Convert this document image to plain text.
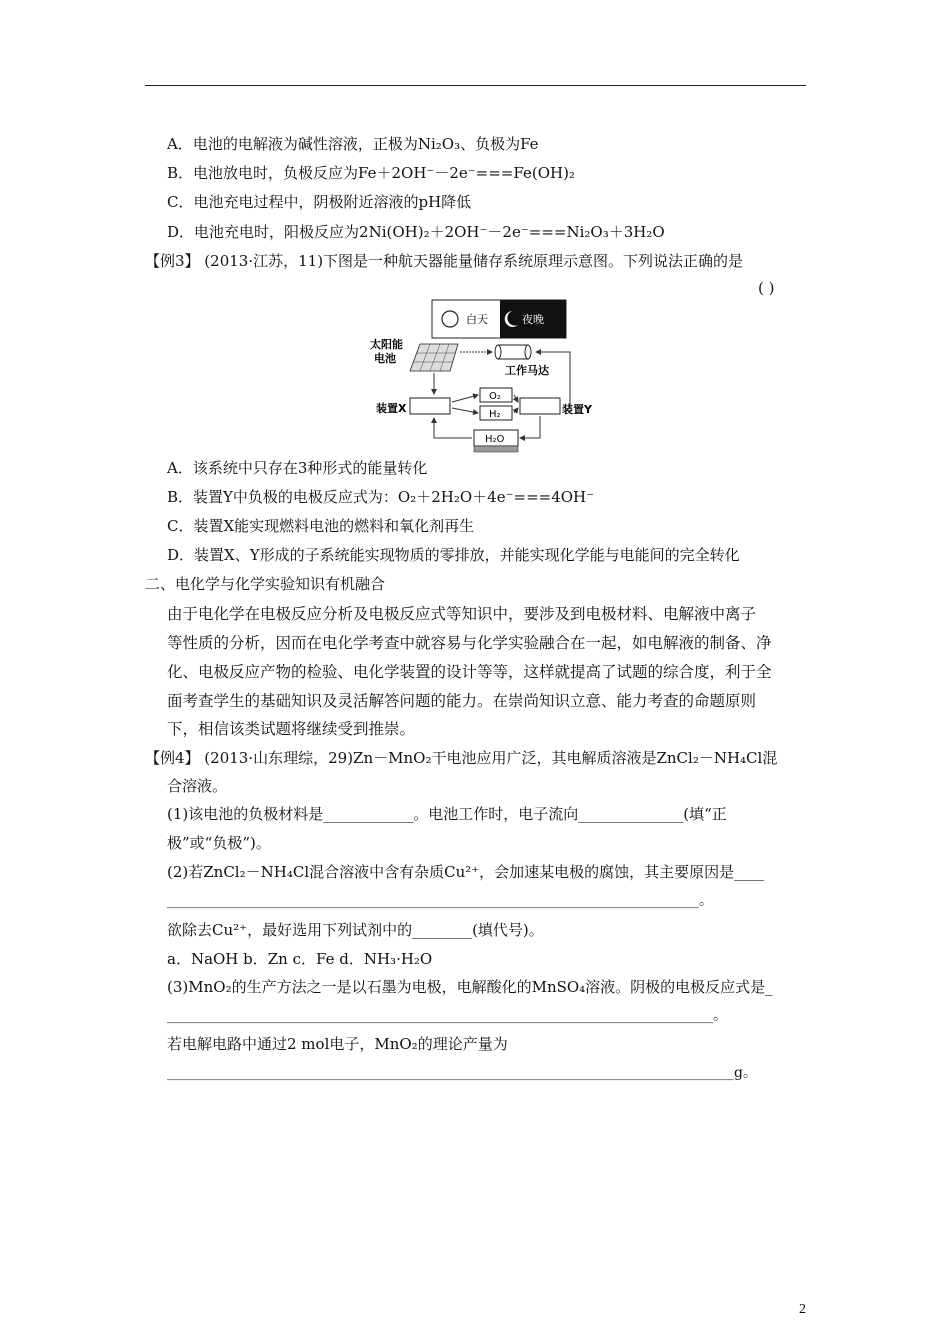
A．电池的电解液为碱性溶液，正极为Ni₂O₃、负极为Fe
B．电池放电时，负极反应为Fe＋2OH⁻－2e⁻===Fe(OH)₂
C．电池充电过程中，阴极附近溶液的pH降低
D．电池充电时，阳极反应为2Ni(OH)₂＋2OH⁻－2e⁻===Ni₂O₃＋3H₂O
【例3】 (2013·江苏，11)下图是一种航天器能量储存系统原理示意图。下列说法正确的是
( )
白天	夜晚
太阳能
电池
工作马达
装置X	装置Y
O₂
H₂
H₂O
A．该系统中只存在3种形式的能量转化
B．装置Y中负极的电极反应式为：O₂＋2H₂O＋4e⁻===4OH⁻
C．装置X能实现燃料电池的燃料和氧化剂再生
D．装置X、Y形成的子系统能实现物质的零排放，并能实现化学能与电能间的完全转化
二、电化学与化学实验知识有机融合
由于电化学在电极反应分析及电极反应式等知识中，要涉及到电极材料、电解液中离子
等性质的分析，因而在电化学考查中就容易与化学实验融合在一起，如电解液的制备、净
化、电极反应产物的检验、电化学装置的设计等等，这样就提高了试题的综合度，利于全
面考查学生的基础知识及灵活解答问题的能力。在崇尚知识立意、能力考查的命题原则
下，相信该类试题将继续受到推崇。
【例4】 (2013·山东理综，29)Zn－MnO₂干电池应用广泛，其电解质溶液是ZnCl₂－NH₄Cl混
合溶液。
(1)该电池的负极材料是____________。电池工作时，电子流向______________(填“正
极”或“负极”)。
(2)若ZnCl₂－NH₄Cl混合溶液中含有杂质Cu²⁺，会加速某电极的腐蚀，其主要原因是____
____________________________________________________________________________。
欲除去Cu²⁺，最好选用下列试剂中的________(填代号)。
a．NaOH b．Zn c．Fe d．NH₃·H₂O
(3)MnO₂的生产方法之一是以石墨为电极，电解酸化的MnSO₄溶液。阴极的电极反应式是_
______________________________________________________________________________。
若电解电路中通过2 mol电子，MnO₂的理论产量为
_________________________________________________________________________________g。
2
